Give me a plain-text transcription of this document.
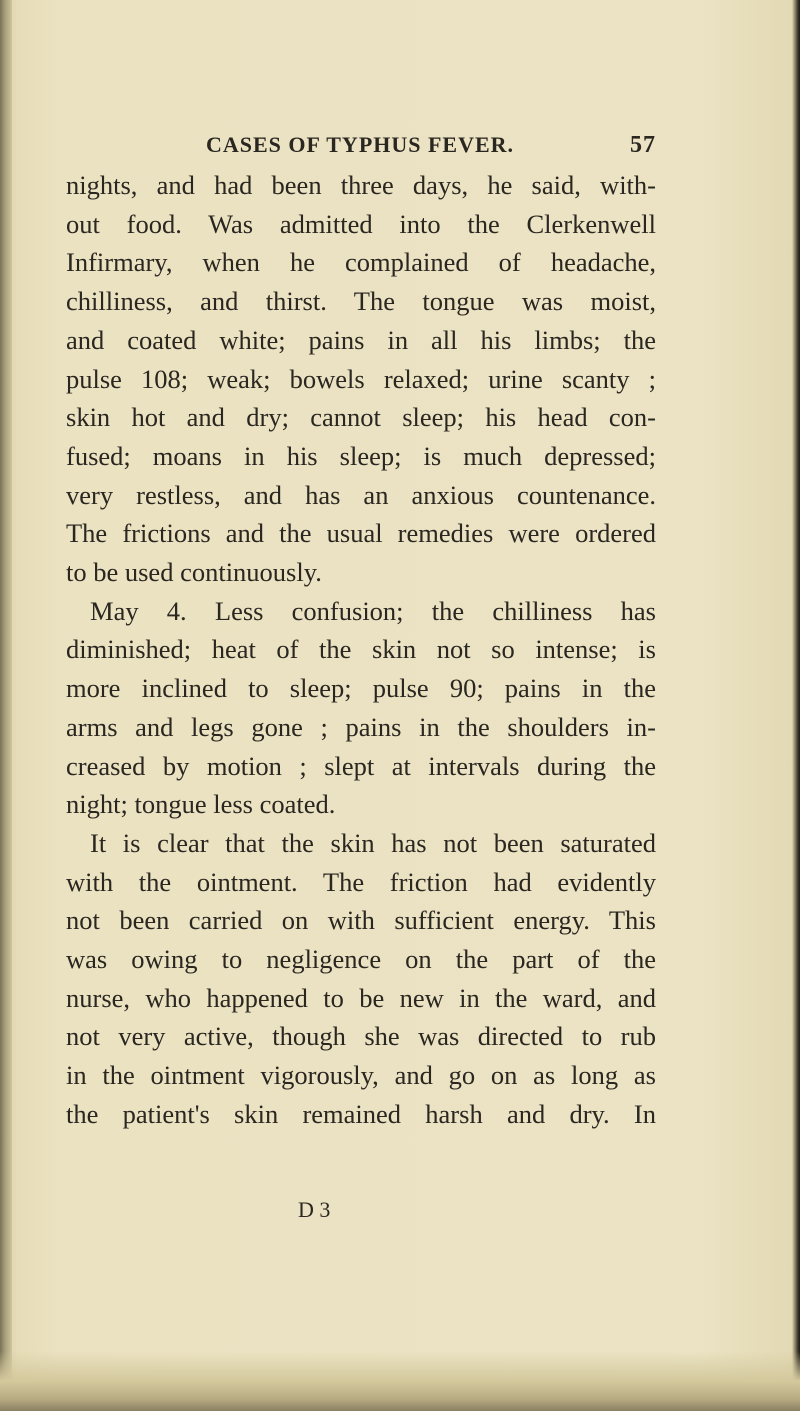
CASES OF TYPHUS FEVER.	57
nights, and had been three days, he said, with-
out food. Was admitted into the Clerkenwell
Infirmary, when he complained of headache,
chilliness, and thirst. The tongue was moist,
and coated white; pains in all his limbs; the
pulse 108; weak; bowels relaxed; urine scanty ;
skin hot and dry; cannot sleep; his head con-
fused; moans in his sleep; is much depressed;
very restless, and has an anxious countenance.
The frictions and the usual remedies were ordered
to be used continuously.
May 4. Less confusion; the chilliness has
diminished; heat of the skin not so intense; is
more inclined to sleep; pulse 90; pains in the
arms and legs gone ; pains in the shoulders in-
creased by motion ; slept at intervals during the
night; tongue less coated.
It is clear that the skin has not been saturated
with the ointment. The friction had evidently
not been carried on with sufficient energy. This
was owing to negligence on the part of the
nurse, who happened to be new in the ward, and
not very active, though she was directed to rub
in the ointment vigorously, and go on as long as
the patient's skin remained harsh and dry. In
D 3
